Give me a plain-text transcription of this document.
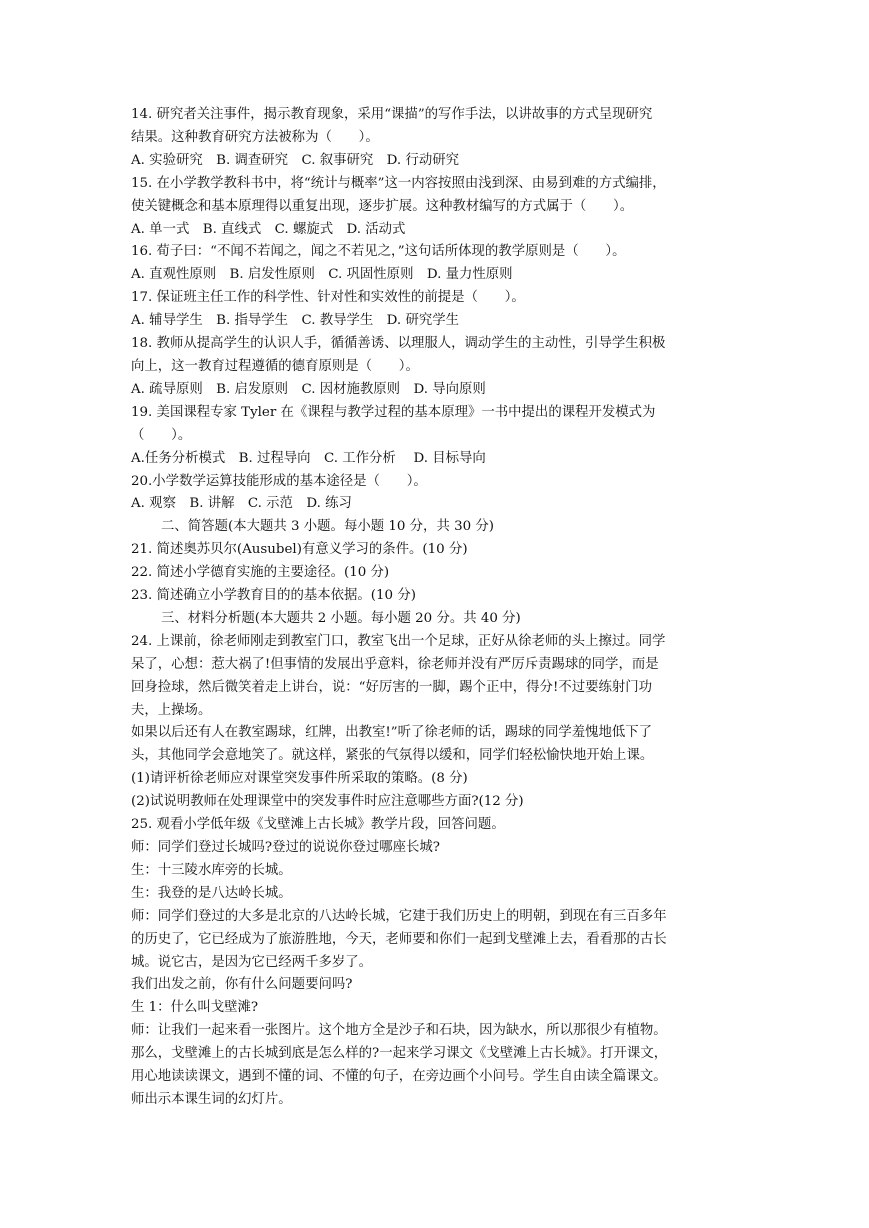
14. 研究者关注事件，揭示教育现象，采用“课描”的写作手法，以讲故事的方式呈现研究
结果。这种教育研究方法被称为（　　）。
A. 实验研究　B. 调查研究　C. 叙事研究　D. 行动研究
15. 在小学教学教科书中，将“统计与概率”这一内容按照由浅到深、由易到难的方式编排，
使关键概念和基本原理得以重复出现，逐步扩展。这种教材编写的方式属于（　　）。
A. 单一式　B. 直线式　C. 螺旋式　D. 活动式
16. 荀子曰：“不闻不若闻之，闻之不若见之，”这句话所体现的教学原则是（　　）。
A. 直观性原则　B. 启发性原则　C. 巩固性原则　D. 量力性原则
17. 保证班主任工作的科学性、针对性和实效性的前提是（　　）。
A. 辅导学生　B. 指导学生　C. 教导学生　D. 研究学生
18. 教师从提高学生的认识人手，循循善诱、以理服人，调动学生的主动性，引导学生积极
向上，这一教育过程遵循的德育原则是（　　）。
A. 疏导原则　B. 启发原则　C. 因材施教原则　D. 导向原则
19. 美国课程专家 Tyler 在《课程与教学过程的基本原理》一书中提出的课程开发模式为
（　　）。
A.任务分析模式　B. 过程导向　C. 工作分析　 D. 目标导向
20.小学数学运算技能形成的基本途径是（　　）。
A. 观察　B. 讲解　C. 示范　D. 练习
二、简答题(本大题共 3 小题。每小题 10 分，共 30 分)
21. 简述奥苏贝尔(Ausubel)有意义学习的条件。(10 分)
22. 简述小学德育实施的主要途径。(10 分)
23. 简述确立小学教育目的的基本依据。(10 分)
三、材料分析题(本大题共 2 小题。每小题 20 分。共 40 分)
24. 上课前，徐老师刚走到教室门口，教室飞出一个足球，正好从徐老师的头上擦过。同学
呆了，心想：惹大祸了!但事情的发展出乎意料，徐老师并没有严厉斥责踢球的同学，而是
回身捡球，然后微笑着走上讲台，说：“好厉害的一脚，踢个正中，得分!不过要练射门功
夫，上操场。
如果以后还有人在教室踢球，红牌，出教室!”听了徐老师的话，踢球的同学羞愧地低下了
头，其他同学会意地笑了。就这样，紧张的气氛得以缓和，同学们轻松愉快地开始上课。
(1)请评析徐老师应对课堂突发事件所采取的策略。(8 分)
(2)试说明教师在处理课堂中的突发事件时应注意哪些方面?(12 分)
25. 观看小学低年级《戈壁滩上古长城》教学片段，回答问题。
师：同学们登过长城吗?登过的说说你登过哪座长城?
生：十三陵水库旁的长城。
生：我登的是八达岭长城。
师：同学们登过的大多是北京的八达岭长城，它建于我们历史上的明朝，到现在有三百多年
的历史了，它已经成为了旅游胜地，今天，老师要和你们一起到戈壁滩上去，看看那的古长
城。说它古，是因为它已经两千多岁了。
我们出发之前，你有什么问题要问吗?
生 1：什么叫戈壁滩?
师：让我们一起来看一张图片。这个地方全是沙子和石块，因为缺水，所以那很少有植物。
那么，戈壁滩上的古长城到底是怎么样的?一起来学习课文《戈壁滩上古长城》。打开课文，
用心地读读课文，遇到不懂的词、不懂的句子，在旁边画个小问号。学生自由读全篇课文。
师出示本课生词的幻灯片。
